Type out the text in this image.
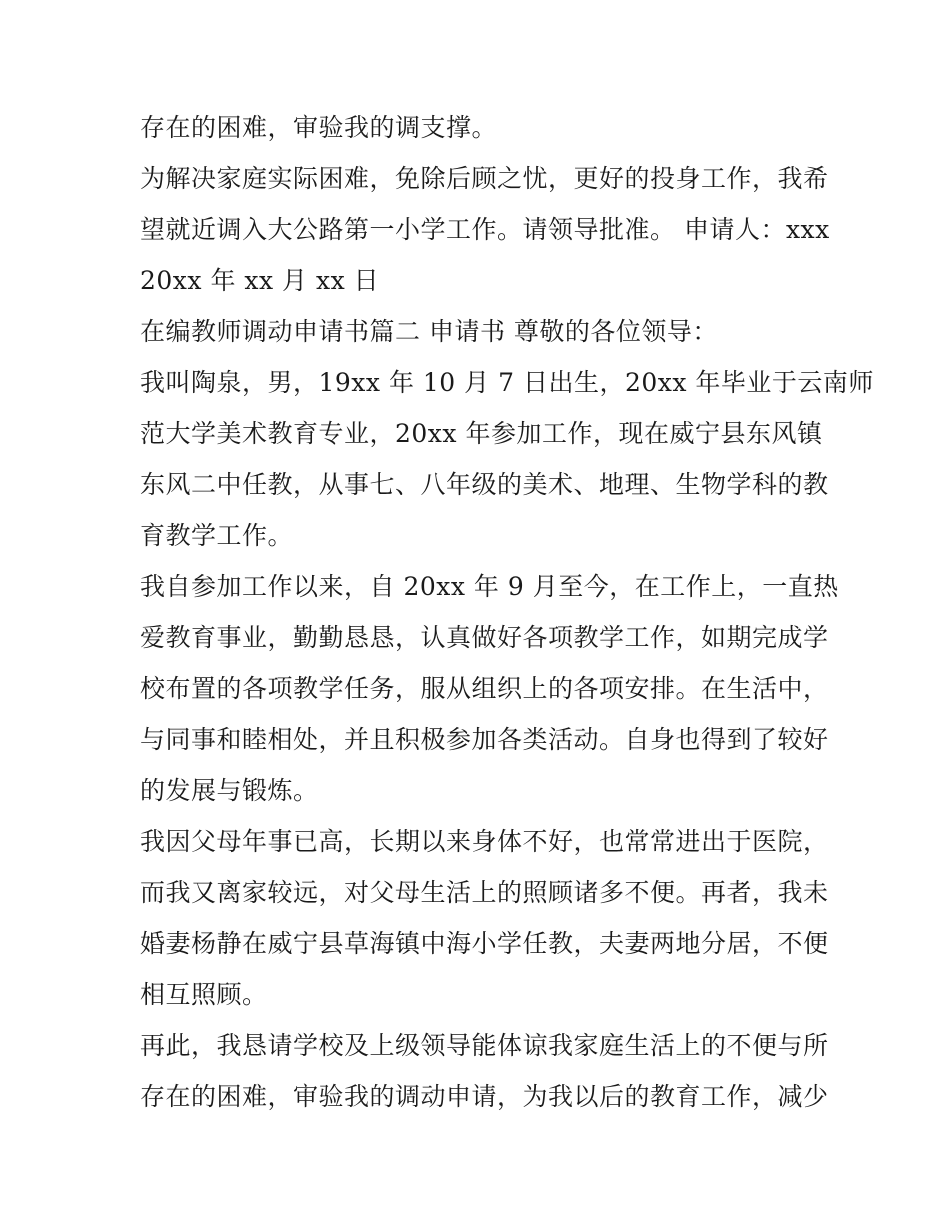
存在的困难，审验我的调支撑。
为解决家庭实际困难，免除后顾之忧，更好的投身工作，我希
望就近调入大公路第一小学工作。请领导批准。 申请人：xxx
20xx 年 xx 月 xx 日
在编教师调动申请书篇二 申请书 尊敬的各位领导：
我叫陶泉，男，19xx 年 10 月 7 日出生，20xx 年毕业于云南师
范大学美术教育专业，20xx 年参加工作，现在威宁县东风镇
东风二中任教，从事七、八年级的美术、地理、生物学科的教
育教学工作。
我自参加工作以来，自 20xx 年 9 月至今，在工作上，一直热
爱教育事业，勤勤恳恳，认真做好各项教学工作，如期完成学
校布置的各项教学任务，服从组织上的各项安排。在生活中，
与同事和睦相处，并且积极参加各类活动。自身也得到了较好
的发展与锻炼。
我因父母年事已高，长期以来身体不好，也常常进出于医院，
而我又离家较远，对父母生活上的照顾诸多不便。再者，我未
婚妻杨静在威宁县草海镇中海小学任教，夫妻两地分居，不便
相互照顾。
再此，我恳请学校及上级领导能体谅我家庭生活上的不便与所
存在的困难，审验我的调动申请，为我以后的教育工作，减少
